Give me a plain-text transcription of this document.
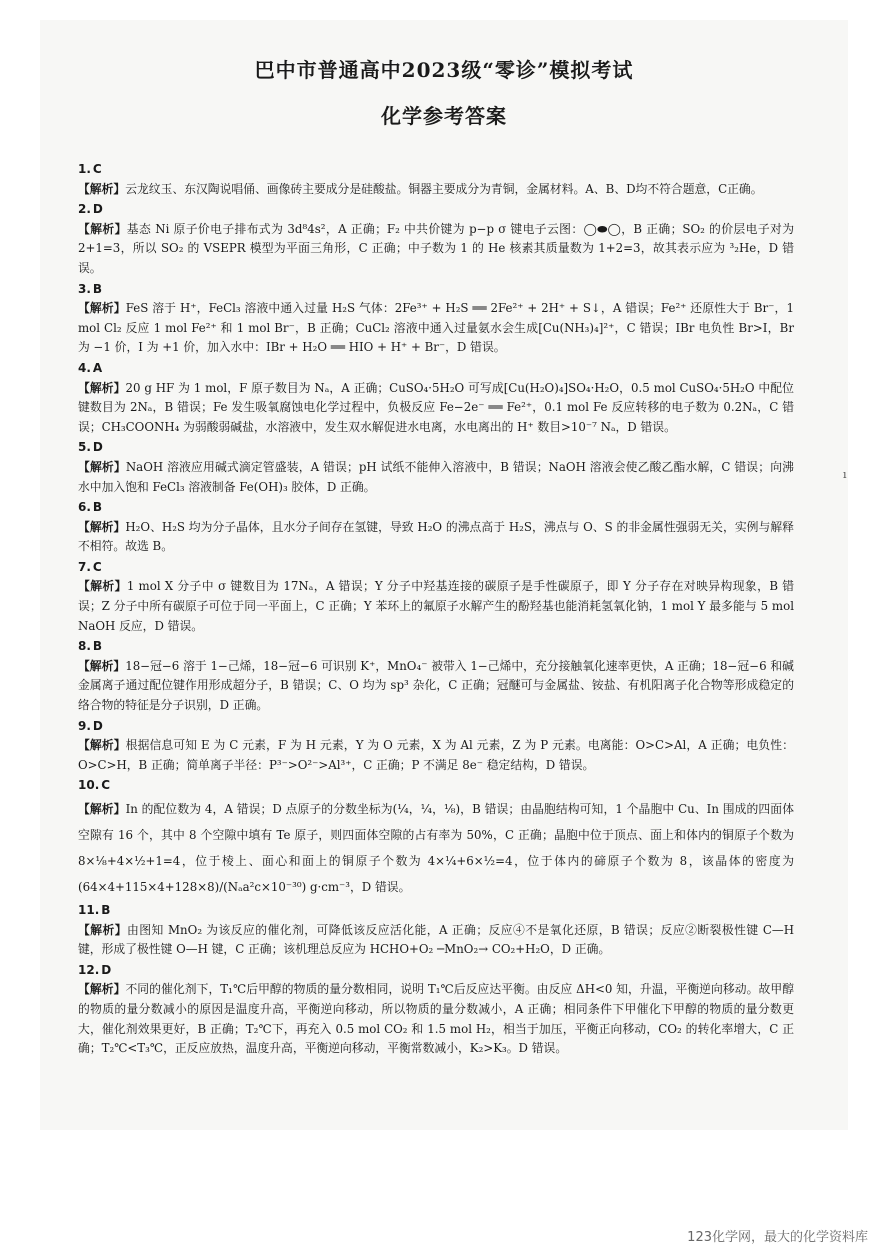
巴中市普通高中2023级“零诊”模拟考试
化学参考答案
1. C

【解析】云龙纹玉、东汉陶说唱俑、画像砖主要成分是硅酸盐。铜器主要成分为青铜，金属材料。A、B、D均不符合题意，C正确。

2. D

【解析】基态 Ni 原子价电子排布式为 3d⁸4s²，A 正确；F₂ 中共价键为 p−p σ 键电子云图：◯⬬◯，B 正确；SO₂ 的价层电子对为 2+1=3，所以 SO₂ 的 VSEPR 模型为平面三角形，C 正确；中子数为 1 的 He 核素其质量数为 1+2=3，故其表示应为 ³₂He，D 错误。

3. B

【解析】FeS 溶于 H⁺，FeCl₃ 溶液中通入过量 H₂S 气体：2Fe³⁺ + H₂S ══ 2Fe²⁺ + 2H⁺ + S↓，A 错误；Fe²⁺ 还原性大于 Br⁻，1 mol Cl₂ 反应 1 mol Fe²⁺ 和 1 mol Br⁻，B 正确；CuCl₂ 溶液中通入过量氨水会生成[Cu(NH₃)₄]²⁺，C 错误；IBr 电负性 Br>I，Br 为 −1 价，I 为 +1 价，加入水中：IBr + H₂O ══ HIO + H⁺ + Br⁻，D 错误。

4. A

【解析】20 g HF 为 1 mol，F 原子数目为 Nₐ，A 正确；CuSO₄·5H₂O 可写成[Cu(H₂O)₄]SO₄·H₂O，0.5 mol CuSO₄·5H₂O 中配位键数目为 2Nₐ，B 错误；Fe 发生吸氧腐蚀电化学过程中，负极反应 Fe−2e⁻ ══ Fe²⁺，0.1 mol Fe 反应转移的电子数为 0.2Nₐ，C 错误；CH₃COONH₄ 为弱酸弱碱盐，水溶液中，发生双水解促进水电离，水电离出的 H⁺ 数目>10⁻⁷ Nₐ，D 错误。

5. D

【解析】NaOH 溶液应用碱式滴定管盛装，A 错误；pH 试纸不能伸入溶液中，B 错误；NaOH 溶液会使乙酸乙酯水解，C 错误；向沸水中加入饱和 FeCl₃ 溶液制备 Fe(OH)₃ 胶体，D 正确。

6. B

【解析】H₂O、H₂S 均为分子晶体，且水分子间存在氢键，导致 H₂O 的沸点高于 H₂S，沸点与 O、S 的非金属性强弱无关，实例与解释不相符。故选 B。

7. C

【解析】1 mol X 分子中 σ 键数目为 17Nₐ，A 错误；Y 分子中羟基连接的碳原子是手性碳原子，即 Y 分子存在对映异构现象，B 错误；Z 分子中所有碳原子可位于同一平面上，C 正确；Y 苯环上的氟原子水解产生的酚羟基也能消耗氢氧化钠，1 mol Y 最多能与 5 mol NaOH 反应，D 错误。

8. B

【解析】18−冠−6 溶于 1−己烯，18−冠−6 可识别 K⁺，MnO₄⁻ 被带入 1−己烯中，充分接触氧化速率更快，A 正确；18−冠−6 和碱金属离子通过配位键作用形成超分子，B 错误；C、O 均为 sp³ 杂化，C 正确；冠醚可与金属盐、铵盐、有机阳离子化合物等形成稳定的络合物的特征是分子识别，D 正确。

9. D

【解析】根据信息可知 E 为 C 元素，F 为 H 元素，Y 为 O 元素，X 为 Al 元素，Z 为 P 元素。电离能：O>C>Al，A 正确；电负性：O>C>H，B 正确；简单离子半径：P³⁻>O²⁻>Al³⁺，C 正确；P 不满足 8e⁻ 稳定结构，D 错误。

10. C

【解析】In 的配位数为 4，A 错误；D 点原子的分数坐标为(¼，¼，⅛)，B 错误；由晶胞结构可知，1 个晶胞中 Cu、In 围成的四面体空隙有 16 个，其中 8 个空隙中填有 Te 原子，则四面体空隙的占有率为 50%，C 正确；晶胞中位于顶点、面上和体内的铜原子个数为 8×⅛+4×½+1=4，位于棱上、面心和面上的铜原子个数为 4×¼+6×½=4，位于体内的碲原子个数为 8，该晶体的密度为 (64×4+115×4+128×8)/(Nₐa²c×10⁻³⁰) g·cm⁻³，D 错误。

11. B

【解析】由图知 MnO₂ 为该反应的催化剂，可降低该反应活化能，A 正确；反应④不是氧化还原，B 错误；反应②断裂极性键 C—H 键，形成了极性键 O—H 键，C 正确；该机理总反应为 HCHO+O₂ ─MnO₂→ CO₂+H₂O，D 正确。

12. D

【解析】不同的催化剂下，T₁℃后甲醇的物质的量分数相同，说明 T₁℃后反应达平衡。由反应 ΔH<0 知，升温，平衡逆向移动。故甲醇的物质的量分数减小的原因是温度升高，平衡逆向移动，所以物质的量分数减小，A 正确；相同条件下甲催化下甲醇的物质的量分数更大，催化剂效果更好，B 正确；T₂℃下，再充入 0.5 mol CO₂ 和 1.5 mol H₂，相当于加压，平衡正向移动，CO₂ 的转化率增大，C 正确；T₂℃<T₃℃，正反应放热，温度升高，平衡逆向移动，平衡常数减小，K₂>K₃。D 错误。

ı
123化学网，最大的化学资料库
